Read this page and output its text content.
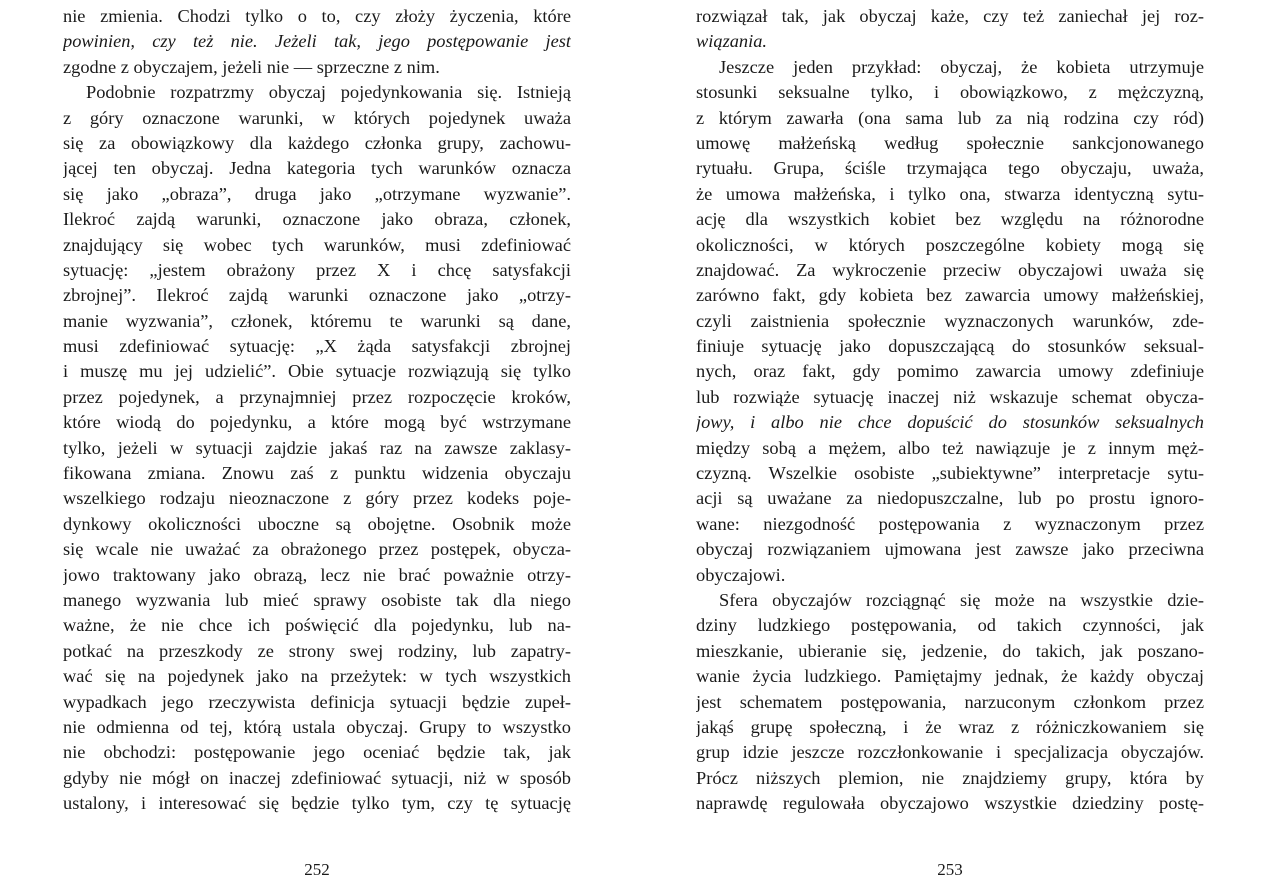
nie zmienia. Chodzi tylko o to, czy złoży życzenia, które
powinien, czy też nie. Jeżeli tak, jego postępowanie jest
zgodne z obyczajem, jeżeli nie — sprzeczne z nim.
Podobnie rozpatrzmy obyczaj pojedynkowania się. Istnieją
z góry oznaczone warunki, w których pojedynek uważa
się za obowiązkowy dla każdego członka grupy, zachowu-
jącej ten obyczaj. Jedna kategoria tych warunków oznacza
się jako „obraza”, druga jako „otrzymane wyzwanie”.
Ilekroć zajdą warunki, oznaczone jako obraza, członek,
znajdujący się wobec tych warunków, musi zdefiniować
sytuację: „jestem obrażony przez X i chcę satysfakcji
zbrojnej”. Ilekroć zajdą warunki oznaczone jako „otrzy-
manie wyzwania”, członek, któremu te warunki są dane,
musi zdefiniować sytuację: „X żąda satysfakcji zbrojnej
i muszę mu jej udzielić”. Obie sytuacje rozwiązują się tylko
przez pojedynek, a przynajmniej przez rozpoczęcie kroków,
które wiodą do pojedynku, a które mogą być wstrzymane
tylko, jeżeli w sytuacji zajdzie jakaś raz na zawsze zaklasy-
fikowana zmiana. Znowu zaś z punktu widzenia obyczaju
wszelkiego rodzaju nieoznaczone z góry przez kodeks poje-
dynkowy okoliczności uboczne są obojętne. Osobnik może
się wcale nie uważać za obrażonego przez postępek, obycza-
jowo traktowany jako obrazą, lecz nie brać poważnie otrzy-
manego wyzwania lub mieć sprawy osobiste tak dla niego
ważne, że nie chce ich poświęcić dla pojedynku, lub na-
potkać na przeszkody ze strony swej rodziny, lub zapatry-
wać się na pojedynek jako na przeżytek: w tych wszystkich
wypadkach jego rzeczywista definicja sytuacji będzie zupeł-
nie odmienna od tej, którą ustala obyczaj. Grupy to wszystko
nie obchodzi: postępowanie jego oceniać będzie tak, jak
gdyby nie mógł on inaczej zdefiniować sytuacji, niż w sposób
ustalony, i interesować się będzie tylko tym, czy tę sytuację
252
rozwiązał tak, jak obyczaj każe, czy też zaniechał jej roz-
wiązania.
Jeszcze jeden przykład: obyczaj, że kobieta utrzymuje
stosunki seksualne tylko, i obowiązkowo, z mężczyzną,
z którym zawarła (ona sama lub za nią rodzina czy ród)
umowę małżeńską według społecznie sankcjonowanego
rytuału. Grupa, ściśle trzymająca tego obyczaju, uważa,
że umowa małżeńska, i tylko ona, stwarza identyczną sytu-
ację dla wszystkich kobiet bez względu na różnorodne
okoliczności, w których poszczególne kobiety mogą się
znajdować. Za wykroczenie przeciw obyczajowi uważa się
zarówno fakt, gdy kobieta bez zawarcia umowy małżeńskiej,
czyli zaistnienia społecznie wyznaczonych warunków, zde-
finiuje sytuację jako dopuszczającą do stosunków seksual-
nych, oraz fakt, gdy pomimo zawarcia umowy zdefiniuje
lub rozwiąże sytuację inaczej niż wskazuje schemat obycza-
jowy, i albo nie chce dopuścić do stosunków seksualnych
między sobą a mężem, albo też nawiązuje je z innym męż-
czyzną. Wszelkie osobiste „subiektywne” interpretacje sytu-
acji są uważane za niedopuszczalne, lub po prostu ignoro-
wane: niezgodność postępowania z wyznaczonym przez
obyczaj rozwiązaniem ujmowana jest zawsze jako przeciwna
obyczajowi.
Sfera obyczajów rozciągnąć się może na wszystkie dzie-
dziny ludzkiego postępowania, od takich czynności, jak
mieszkanie, ubieranie się, jedzenie, do takich, jak poszano-
wanie życia ludzkiego. Pamiętajmy jednak, że każdy obyczaj
jest schematem postępowania, narzuconym członkom przez
jakąś grupę społeczną, i że wraz z różniczkowaniem się
grup idzie jeszcze rozczłonkowanie i specjalizacja obyczajów.
Prócz niższych plemion, nie znajdziemy grupy, która by
naprawdę regulowała obyczajowo wszystkie dziedziny postę-
253
